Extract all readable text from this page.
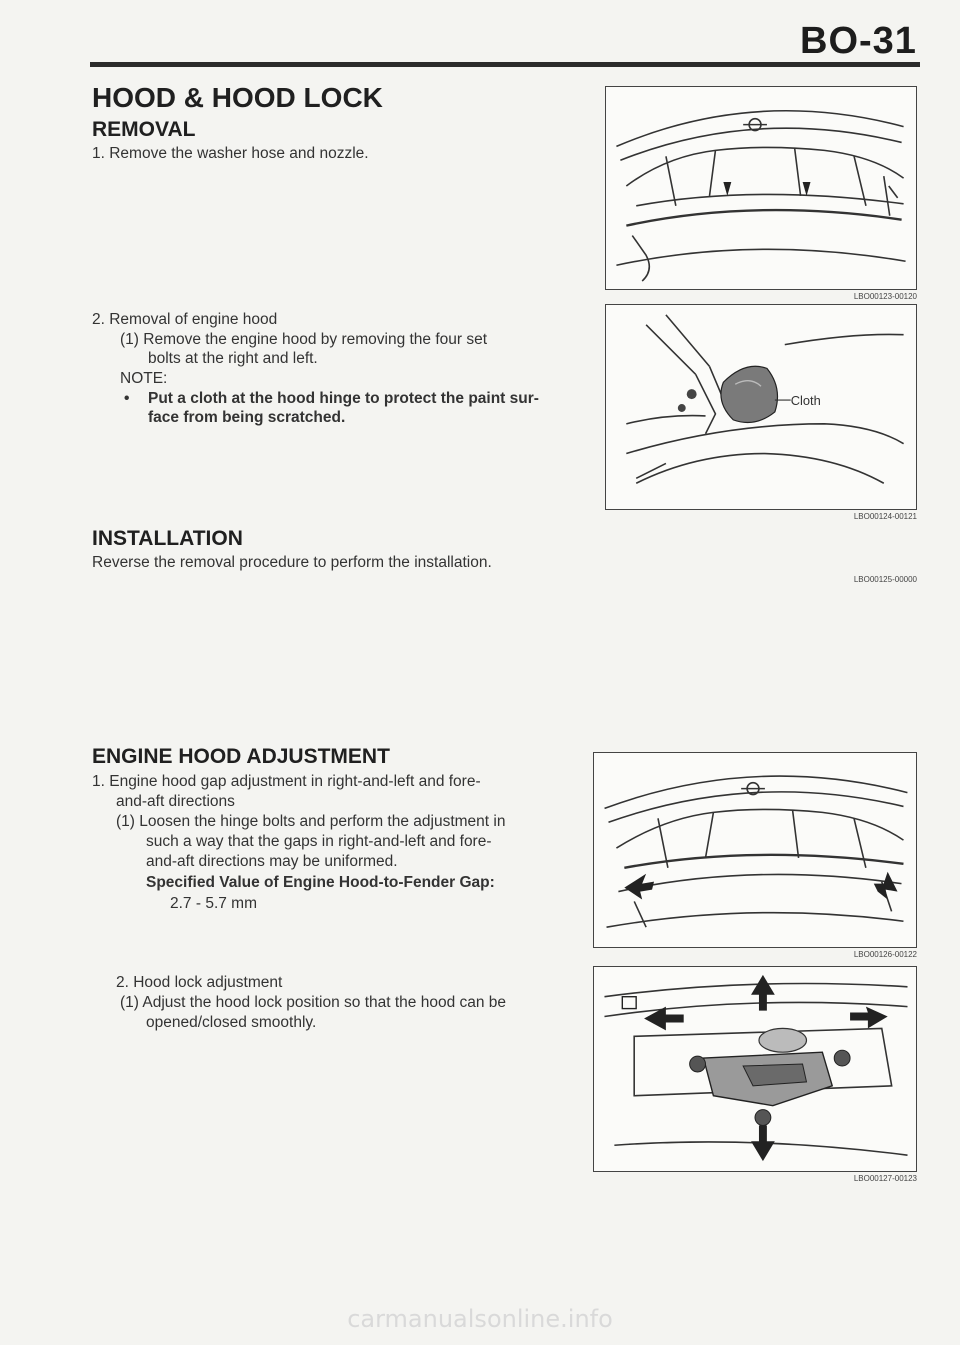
BO-31
HOOD & HOOD LOCK
REMOVAL
1. Remove the washer hose and nozzle.
2. Removal of engine hood
(1) Remove the engine hood by removing the four set
bolts at the right and left.
NOTE:
• Put a cloth at the hood hinge to protect the paint sur-
face from being scratched.
LBO00123-00120
Cloth
LBO00124-00121
INSTALLATION
Reverse the removal procedure to perform the installation.
LBO00125-00000
ENGINE HOOD ADJUSTMENT
1. Engine hood gap adjustment in right-and-left and fore-
and-aft directions
(1) Loosen the hinge bolts and perform the adjustment in
such a way that the gaps in right-and-left and fore-
and-aft directions may be uniformed.
Specified Value of Engine Hood-to-Fender Gap:
2.7 - 5.7 mm
2. Hood lock adjustment
(1) Adjust the hood lock position so that the hood can be
opened/closed smoothly.
LBO00126-00122
LBO00127-00123
carmanualsonline.info
